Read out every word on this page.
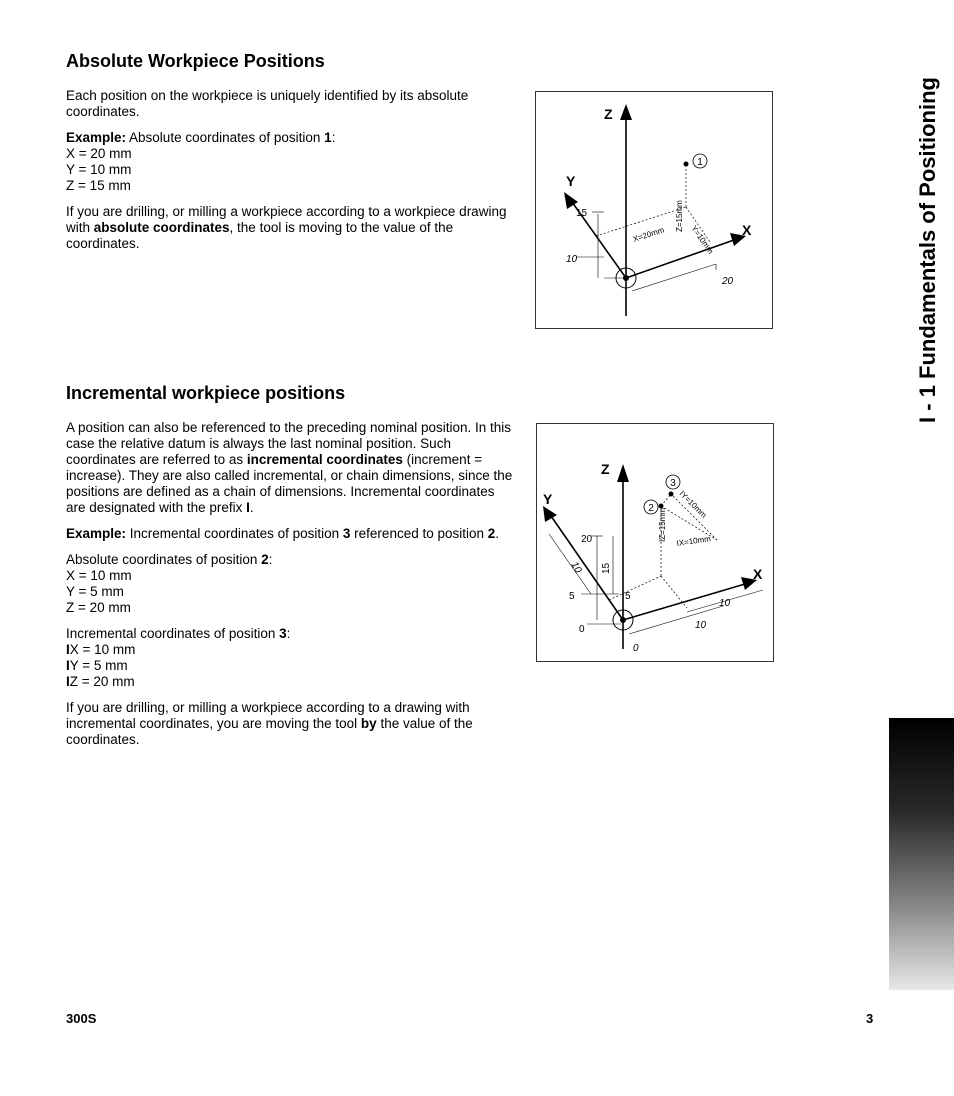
Absolute Workpiece Positions

Each position on the workpiece is uniquely identified by its absolute coordinates.

Example: Absolute coordinates of position 1:
X = 20 mm
Y = 10 mm
Z = 15 mm

If you are drilling, or milling a workpiece according to a workpiece drawing with absolute coordinates, the tool is moving to the value of the coordinates.

1
Z
Y
X
X=20mm
Z=15mm
Y=10mm
15
10
20
Incremental workpiece positions

A position can also be referenced to the preceding nominal position. In this case the relative datum is always the last nominal position. Such coordinates are referred to as incremental coordinates (increment = increase). They are also called incremental, or chain dimensions, since the positions are defined as a chain of dimensions. Incremental coordinates are designated with the prefix I.

Example: Incremental coordinates of position 3 referenced to position 2.

Absolute coordinates of position 2:
X = 10 mm
Y = 5 mm
Z = 20 mm

Incremental coordinates of position 3:
IX = 10 mm
IY = 5 mm
IZ = 20 mm

If you are drilling, or milling a workpiece according to a drawing with incremental coordinates, you are moving the tool by the value of the coordinates.

2
3
Z
Y
X
IY=10mm
IZ=15mm IX=10mm
20
15
10
5	5
0
0
10
10
I - 1 Fundamentals of Positioning
300S	3
